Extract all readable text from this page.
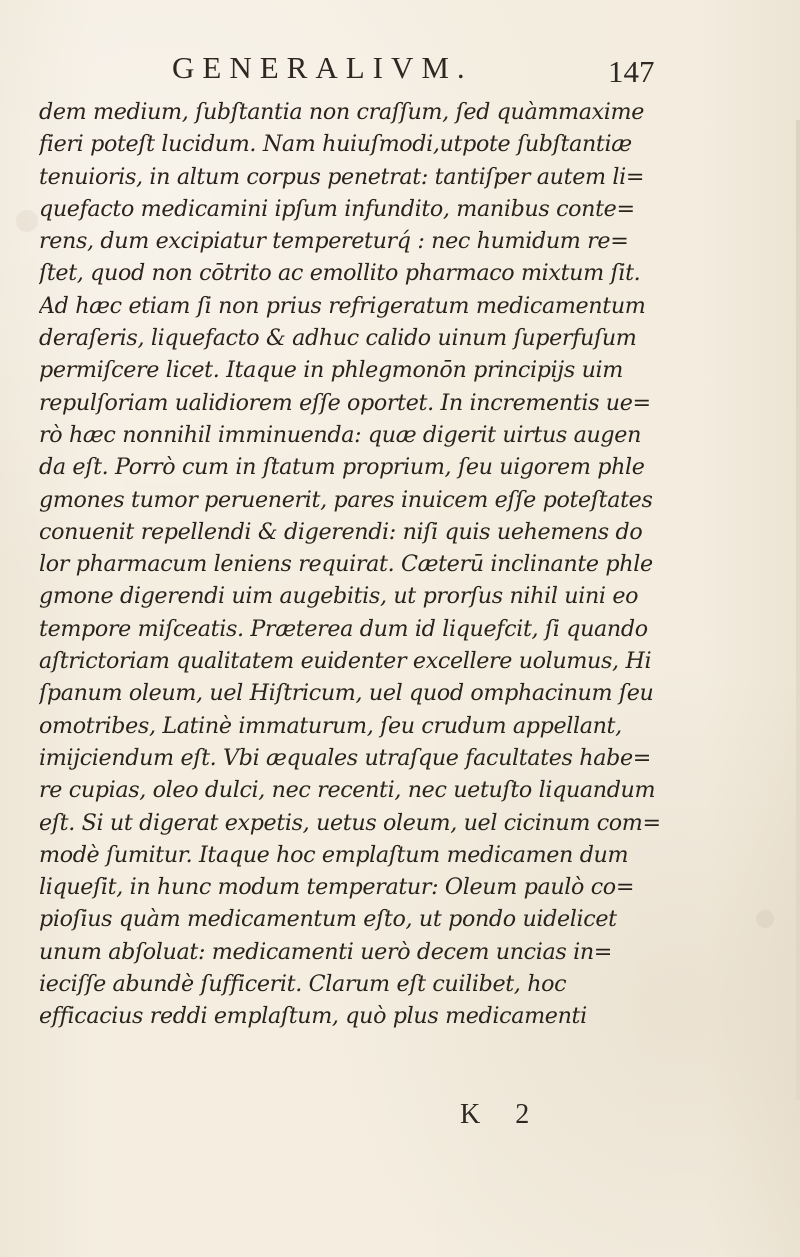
GENERALIVM.	147
dem medium, ſubſtantia non craſſum, ſed quàmmaxime
fieri poteſt lucidum. Nam huiuſmodi,utpote ſubſtantiæ
tenuioris, in altum corpus penetrat: tantiſper autem li=
quefacto medicamini ipſum infundito, manibus conte=
rens, dum excipiatur tempereturq́ : nec humidum re=
ſtet, quod non cōtrito ac emollito pharmaco mixtum ſit.
Ad hæc etiam ſi non prius refrigeratum medicamentum
deraſeris, liquefacto & adhuc calido uinum ſuperfuſum
permiſcere licet. Itaque in phlegmonōn principijs uim
repulſoriam ualidiorem eſſe oportet. In incrementis ue=
rò hæc nonnihil imminuenda: quæ digerit uirtus augen
da eſt. Porrò cum in ſtatum proprium, ſeu uigorem phle
gmones tumor peruenerit, pares inuicem eſſe poteſtates
conuenit repellendi & digerendi: niſi quis uehemens do
lor pharmacum leniens requirat. Cæterū inclinante phle
gmone digerendi uim augebitis, ut prorſus nihil uini eo
tempore miſceatis. Præterea dum id liquefcit, ſi quando
aſtrictoriam qualitatem euidenter excellere uolumus, Hi
ſpanum oleum, uel Hiſtricum, uel quod omphacinum ſeu
omotribes, Latinè immaturum, ſeu crudum appellant,
imijciendum eſt. Vbi æquales utraſque facultates habe=
re cupias, oleo dulci, nec recenti, nec uetuſto liquandum
eſt. Si ut digerat expetis, uetus oleum, uel cicinum com=
modè ſumitur. Itaque hoc emplaſtum medicamen dum
liqueſit, in hunc modum temperatur: Oleum paulò co=
pioſius quàm medicamentum eſto, ut pondo uidelicet
unum abſoluat: medicamenti uerò decem uncias in=
ieciſſe abundè ſufficerit. Clarum eſt cuilibet, hoc
efficacius reddi emplaſtum, quò plus medicamenti
K 2
